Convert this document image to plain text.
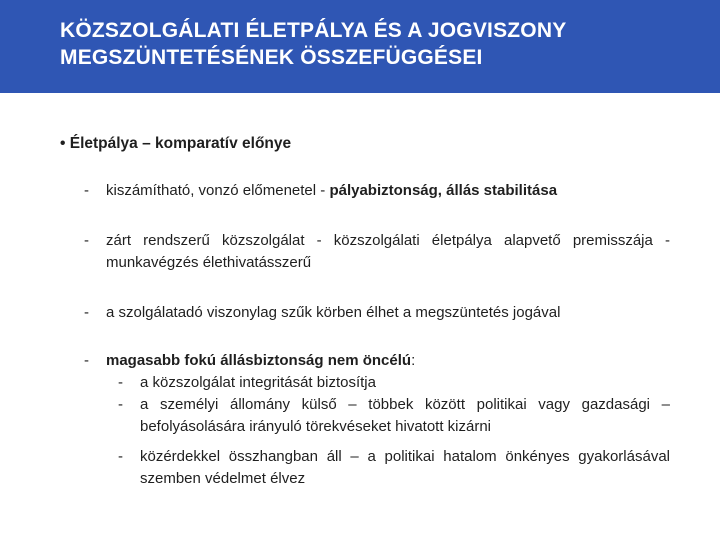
KÖZSZOLGÁLATI ÉLETPÁLYA ÉS A JOGVISZONY
MEGSZÜNTETÉSÉNEK ÖSSZEFÜGGÉSEI
• Életpálya – komparatív előnye
- kiszámítható, vonzó előmenetel - pályabiztonság, állás stabilitása
- zárt rendszerű közszolgálat - közszolgálati életpálya alapvető premisszája - munkavégzés élethivatásszerű
- a szolgálatadó viszonylag szűk körben élhet a megszüntetés jogával
- magasabb fokú állásbiztonság nem öncélú:
- a közszolgálat integritását biztosítja
- a személyi állomány külső – többek között politikai vagy gazdasági – befolyásolására irányuló törekvéseket hivatott kizárni
- közérdekkel összhangban áll – a politikai hatalom önkényes gyakorlásával szemben védelmet élvez
